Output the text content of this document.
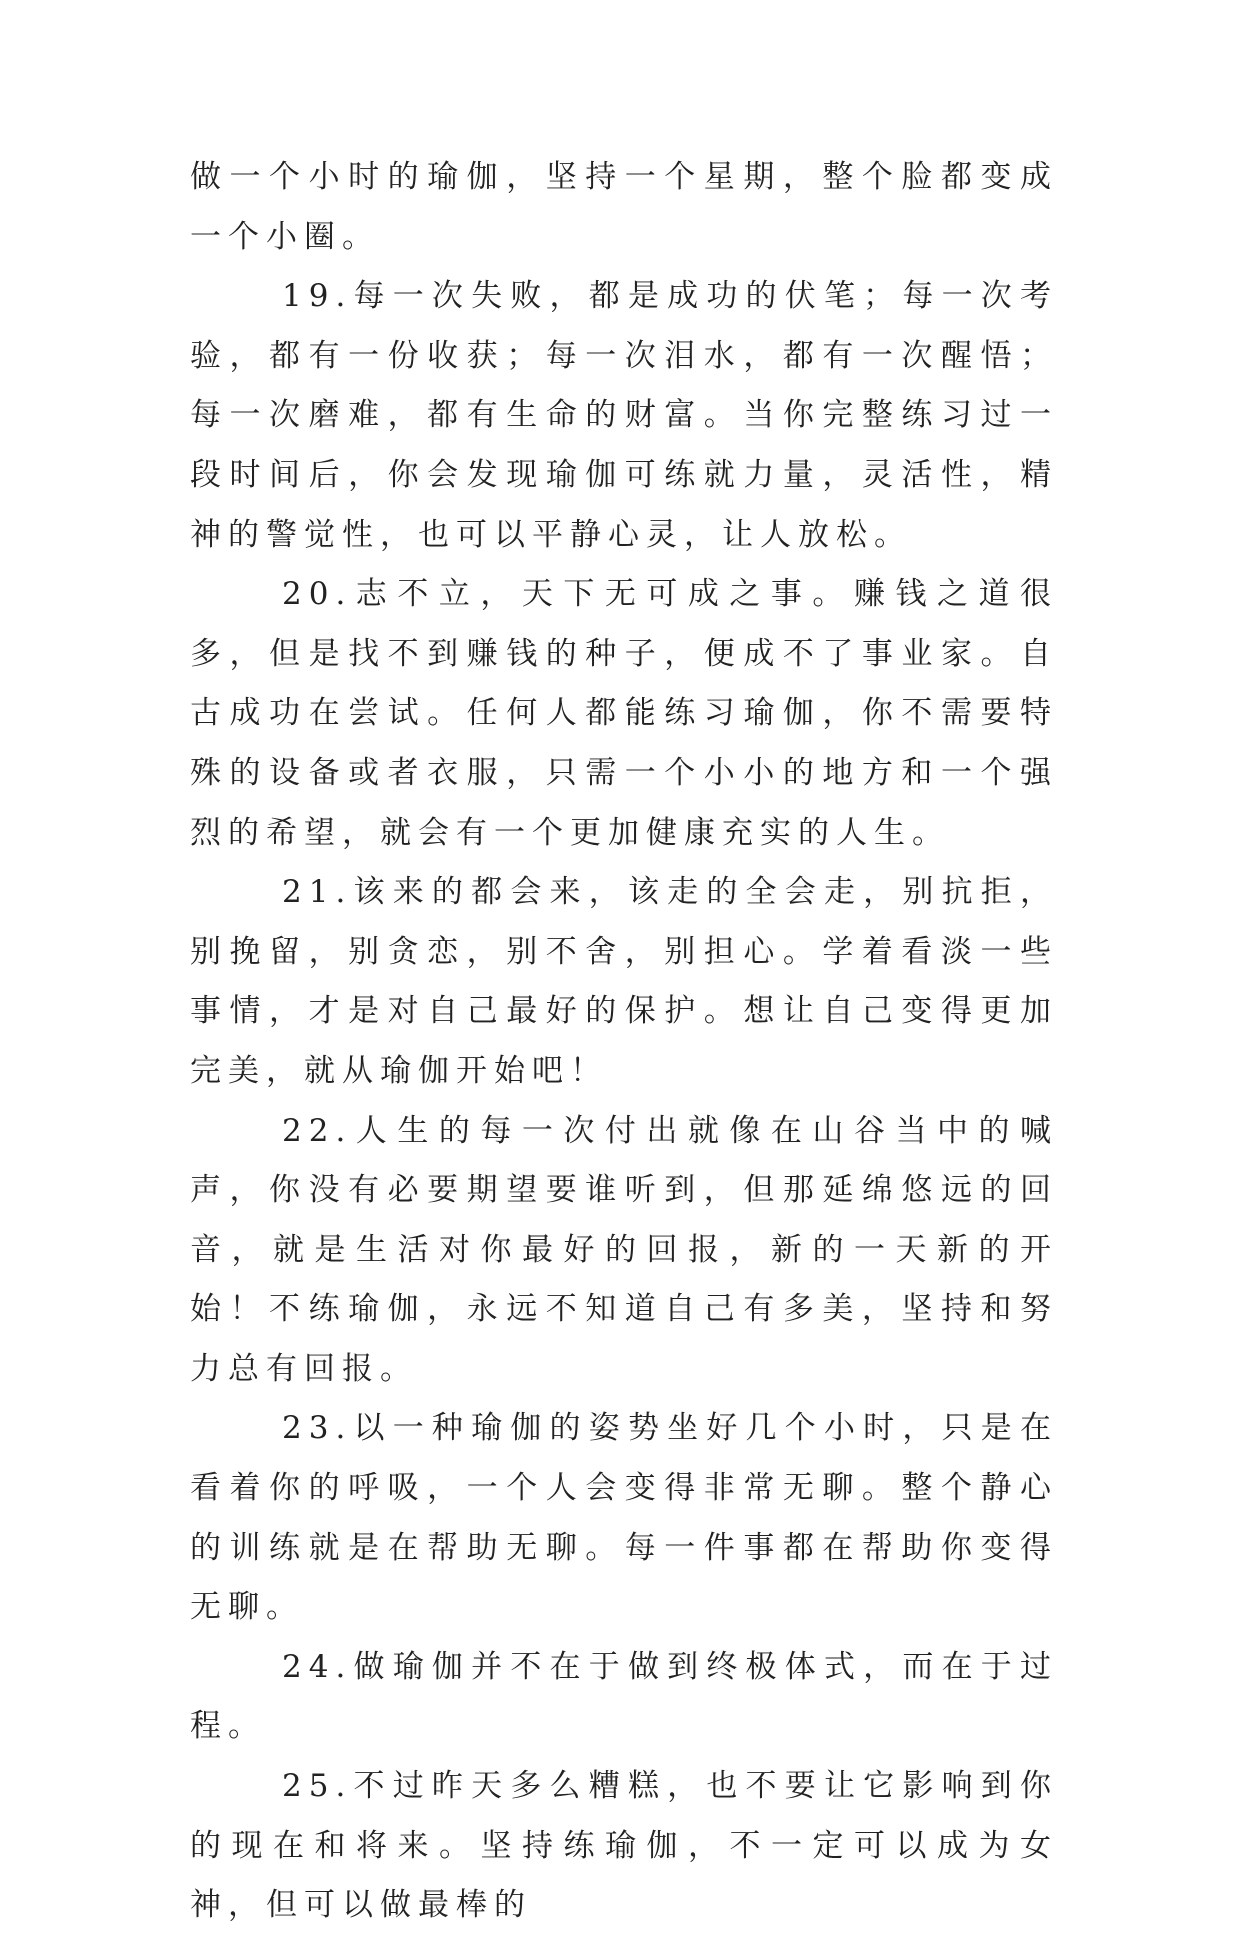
做一个小时的瑜伽，坚持一个星期，整个脸都变成一个小圈。

19.每一次失败，都是成功的伏笔；每一次考验，都有一份收获；每一次泪水，都有一次醒悟；每一次磨难，都有生命的财富。当你完整练习过一段时间后，你会发现瑜伽可练就力量，灵活性，精神的警觉性，也可以平静心灵，让人放松。

20.志不立，天下无可成之事。赚钱之道很多，但是找不到赚钱的种子，便成不了事业家。自古成功在尝试。任何人都能练习瑜伽，你不需要特殊的设备或者衣服，只需一个小小的地方和一个强烈的希望，就会有一个更加健康充实的人生。

21.该来的都会来，该走的全会走，别抗拒，别挽留，别贪恋，别不舍，别担心。学着看淡一些事情，才是对自己最好的保护。想让自己变得更加完美，就从瑜伽开始吧！

22.人生的每一次付出就像在山谷当中的喊声，你没有必要期望要谁听到，但那延绵悠远的回音，就是生活对你最好的回报，新的一天新的开始！不练瑜伽，永远不知道自己有多美，坚持和努力总有回报。

23.以一种瑜伽的姿势坐好几个小时，只是在看着你的呼吸，一个人会变得非常无聊。整个静心的训练就是在帮助无聊。每一件事都在帮助你变得无聊。

24.做瑜伽并不在于做到终极体式，而在于过程。

25.不过昨天多么糟糕，也不要让它影响到你的现在和将来。坚持练瑜伽，不一定可以成为女神，但可以做最棒的
